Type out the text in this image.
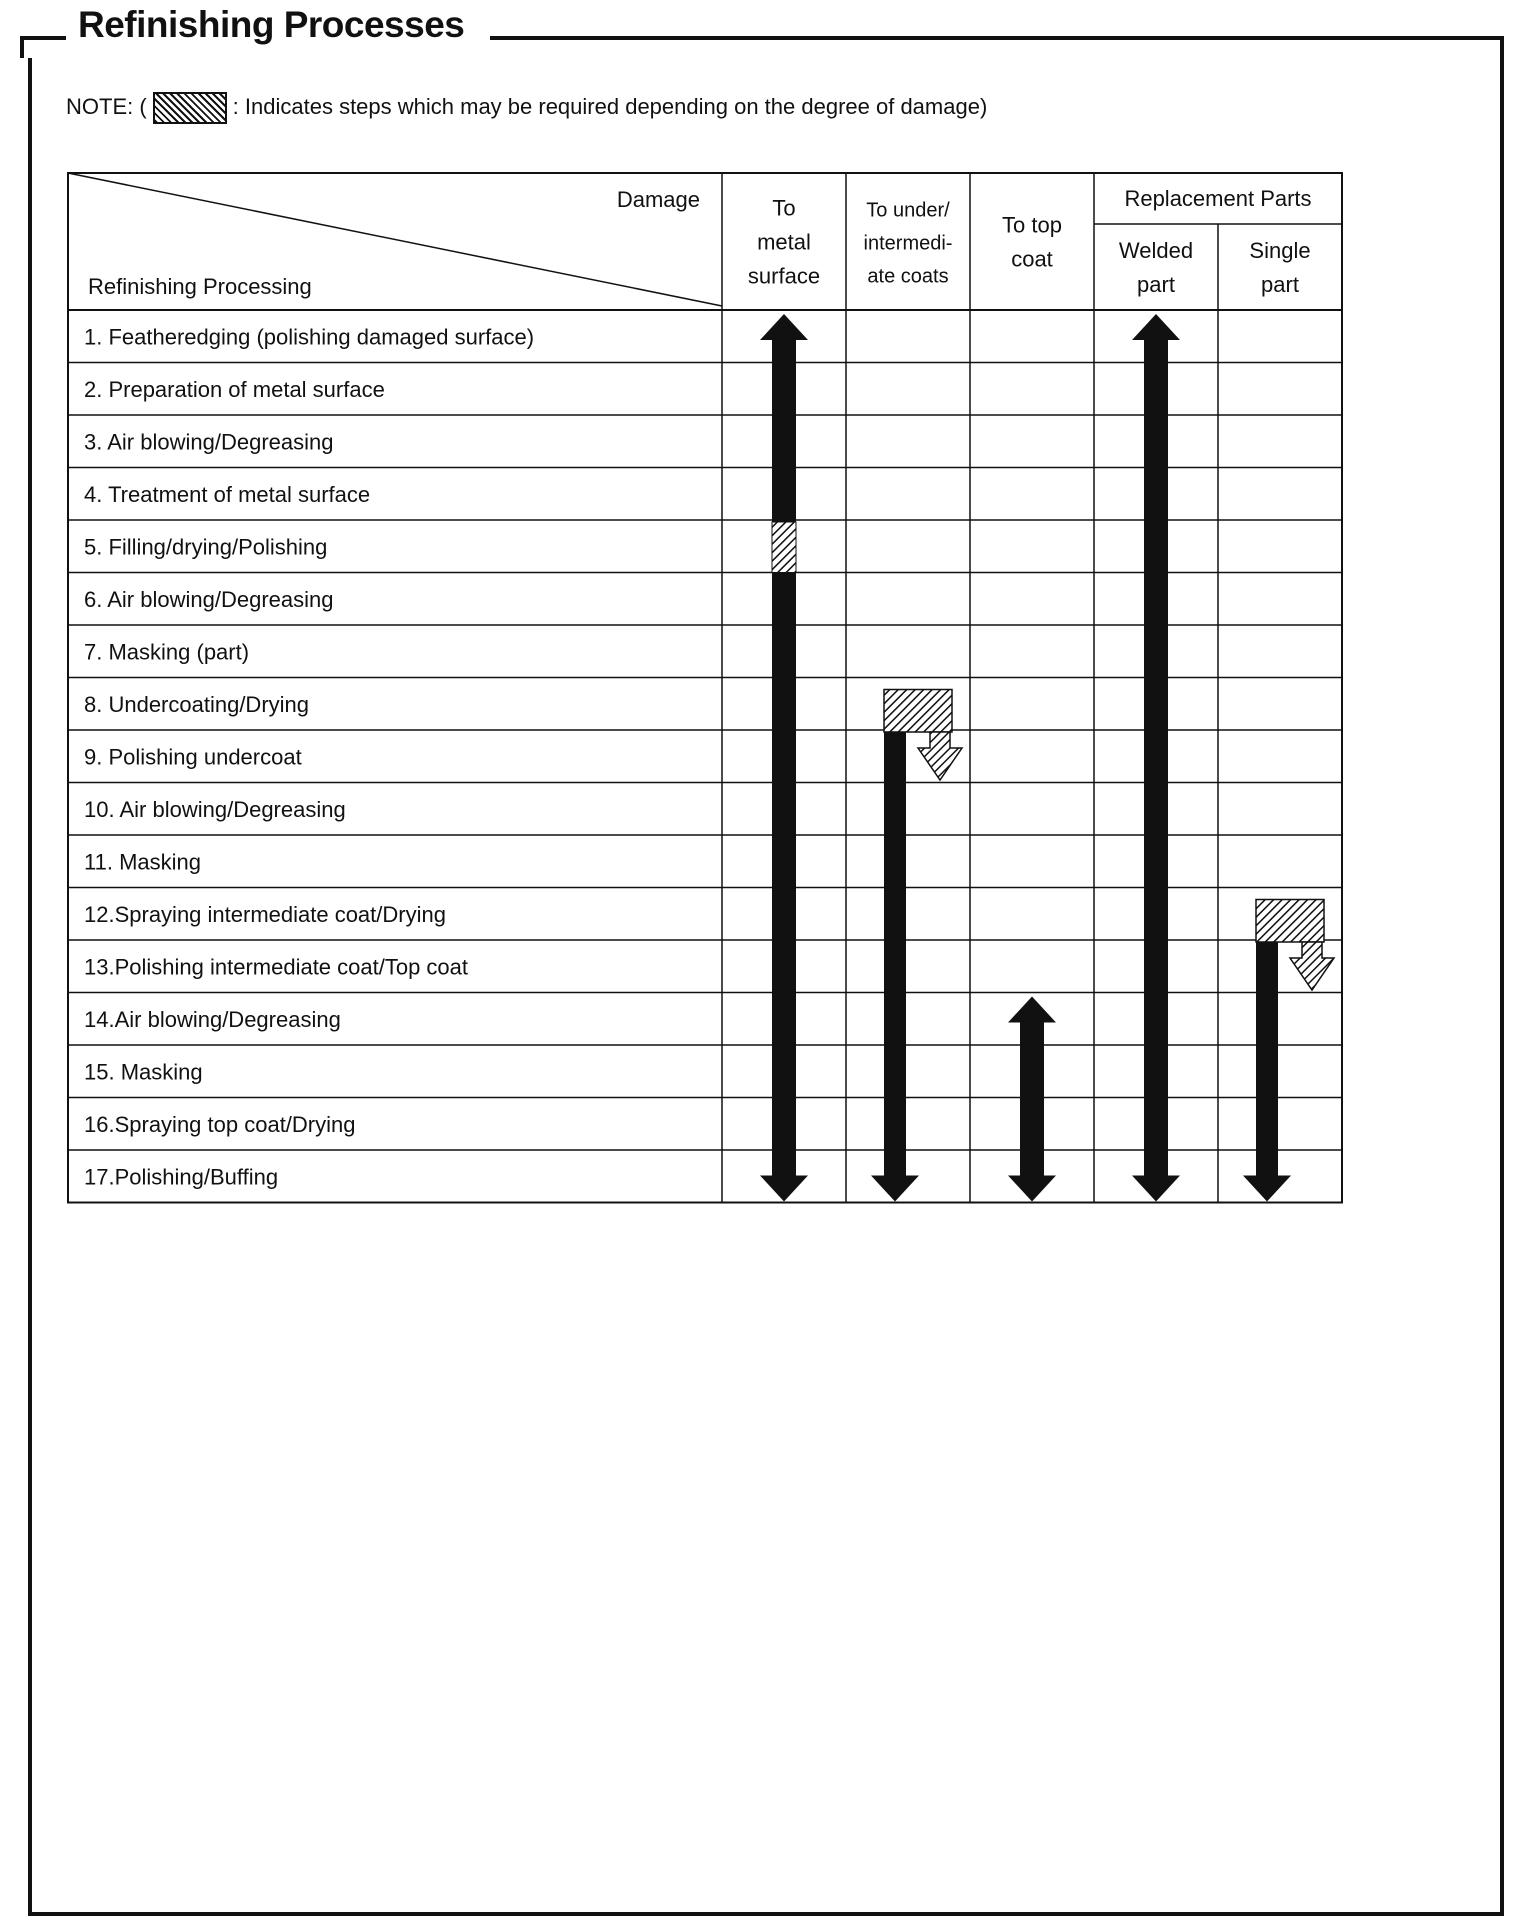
Refinishing Processes
NOTE: (	: Indicates steps which may be required depending on the degree of damage)
Damage
Refinishing Processing
Replacement Parts
To
metal
surface
To under/
intermedi-
ate coats
To top
coat	Welded
part
Single
part
1. Featheredging (polishing damaged surface)
2. Preparation of metal surface
3. Air blowing/Degreasing
4. Treatment of metal surface
5. Filling/drying/Polishing
6. Air blowing/Degreasing
7. Masking (part)
8. Undercoating/Drying
9. Polishing undercoat
10. Air blowing/Degreasing
11. Masking
12.Spraying intermediate coat/Drying
13.Polishing intermediate coat/Top coat
14.Air blowing/Degreasing
15. Masking
16.Spraying top coat/Drying
17.Polishing/Buffing
